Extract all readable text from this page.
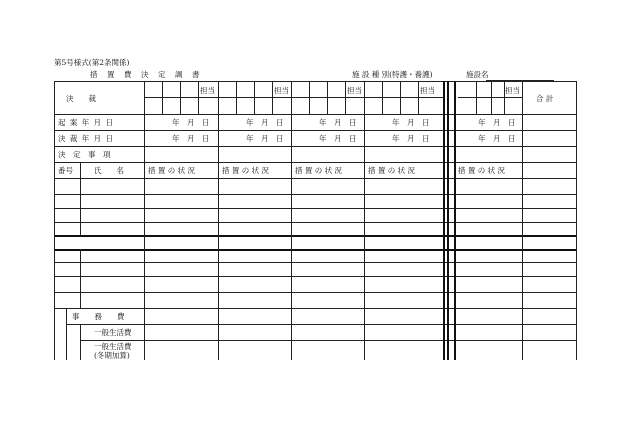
第5号様式(第2条関係)
措　置　費　決　定　調　書	施 設 種 別(特護・養護)	施設名
決　　裁
担当	担当	担当	担当	担当
合 計
起 案 年 月 日	年　月　日	年　月　日	年　月　日	年　月　日	年　月　日
決 裁 年 月 日	年　月　日	年　月　日	年　月　日	年　月　日	年　月　日
決　定　事　項
番号	氏　　名	措 置 の 状 況	措 置 の 状 況	措 置 の 状 況	措 置 の 状 況	措 置 の 状 況
事　　務　　費
一般生活費
一般生活費
(冬期加算)
